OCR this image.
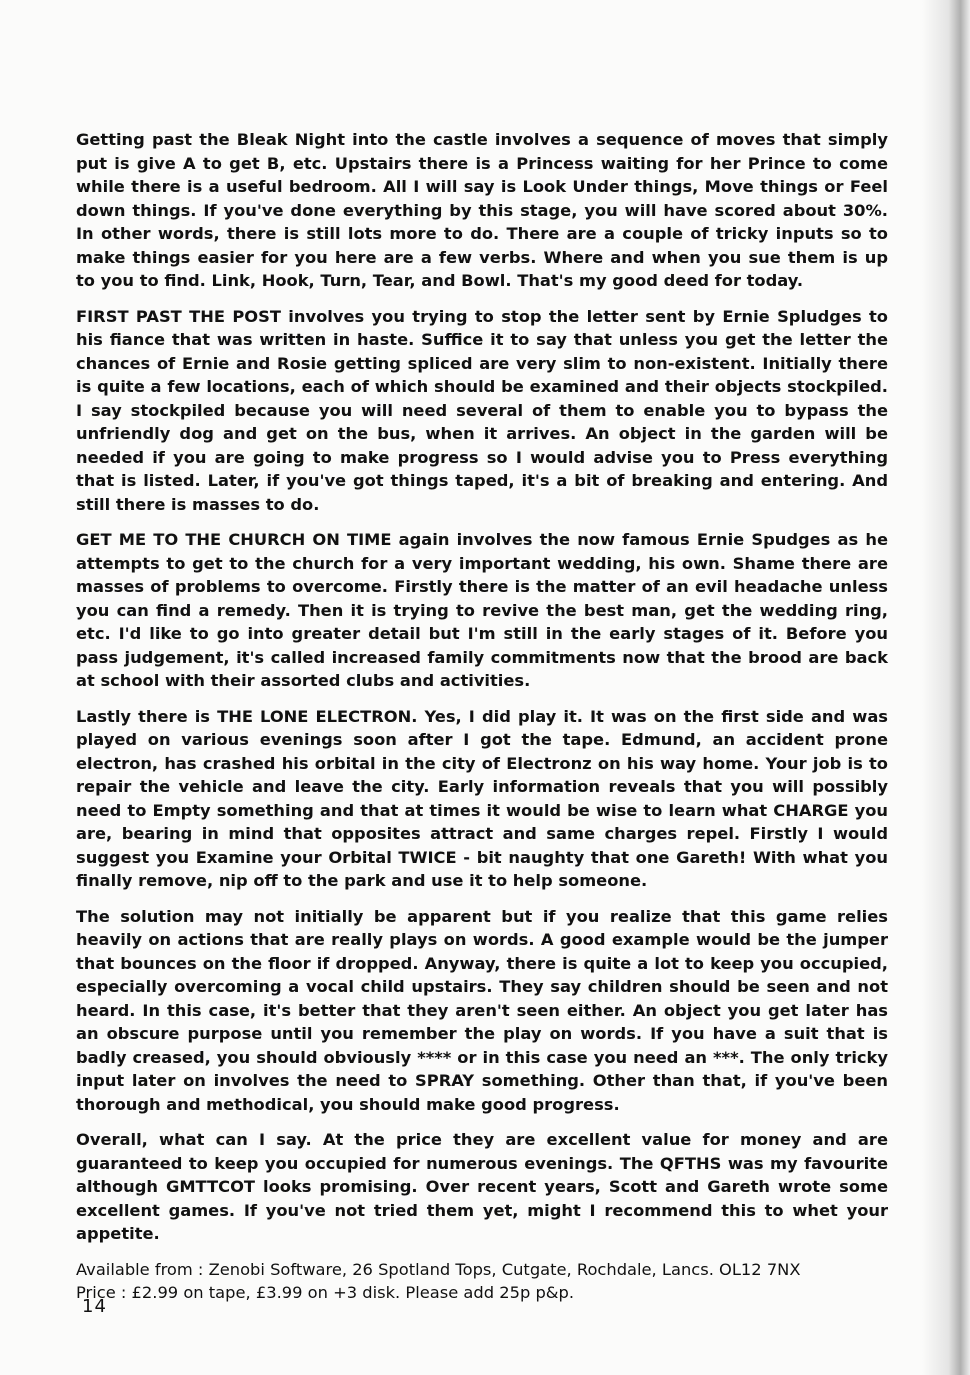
Getting past the Bleak Night into the castle involves a sequence of moves that simply put is give A to get B, etc. Upstairs there is a Princess waiting for her Prince to come while there is a useful bedroom. All I will say is Look Under things, Move things or Feel down things. If you've done everything by this stage, you will have scored about 30%. In other words, there is still lots more to do. There are a couple of tricky inputs so to make things easier for you here are a few verbs. Where and when you sue them is up to you to find. Link, Hook, Turn, Tear, and Bowl. That's my good deed for today.

FIRST PAST THE POST involves you trying to stop the letter sent by Ernie Spludges to his fiance that was written in haste. Suffice it to say that unless you get the letter the chances of Ernie and Rosie getting spliced are very slim to non-existent. Initially there is quite a few locations, each of which should be examined and their objects stockpiled. I say stockpiled because you will need several of them to enable you to bypass the unfriendly dog and get on the bus, when it arrives. An object in the garden will be needed if you are going to make progress so I would advise you to Press everything that is listed. Later, if you've got things taped, it's a bit of breaking and entering. And still there is masses to do.

GET ME TO THE CHURCH ON TIME again involves the now famous Ernie Spudges as he attempts to get to the church for a very important wedding, his own. Shame there are masses of problems to overcome. Firstly there is the matter of an evil headache unless you can find a remedy. Then it is trying to revive the best man, get the wedding ring, etc. I'd like to go into greater detail but I'm still in the early stages of it. Before you pass judgement, it's called increased family commitments now that the brood are back at school with their assorted clubs and activities.

Lastly there is THE LONE ELECTRON. Yes, I did play it. It was on the first side and was played on various evenings soon after I got the tape. Edmund, an accident prone electron, has crashed his orbital in the city of Electronz on his way home. Your job is to repair the vehicle and leave the city. Early information reveals that you will possibly need to Empty something and that at times it would be wise to learn what CHARGE you are, bearing in mind that opposites attract and same charges repel. Firstly I would suggest you Examine your Orbital TWICE - bit naughty that one Gareth! With what you finally remove, nip off to the park and use it to help someone.

The solution may not initially be apparent but if you realize that this game relies heavily on actions that are really plays on words. A good example would be the jumper that bounces on the floor if dropped. Anyway, there is quite a lot to keep you occupied, especially overcoming a vocal child upstairs. They say children should be seen and not heard. In this case, it's better that they aren't seen either. An object you get later has an obscure purpose until you remember the play on words. If you have a suit that is badly creased, you should obviously **** or in this case you need an ***. The only tricky input later on involves the need to SPRAY something. Other than that, if you've been thorough and methodical, you should make good progress.

Overall, what can I say. At the price they are excellent value for money and are guaranteed to keep you occupied for numerous evenings. The QFTHS was my favourite although GMTTCOT looks promising. Over recent years, Scott and Gareth wrote some excellent games. If you've not tried them yet, might I recommend this to whet your appetite.

Available from : Zenobi Software, 26 Spotland Tops, Cutgate, Rochdale, Lancs. OL12 7NX

Price : £2.99 on tape, £3.99 on +3 disk. Please add 25p p&p.

14
